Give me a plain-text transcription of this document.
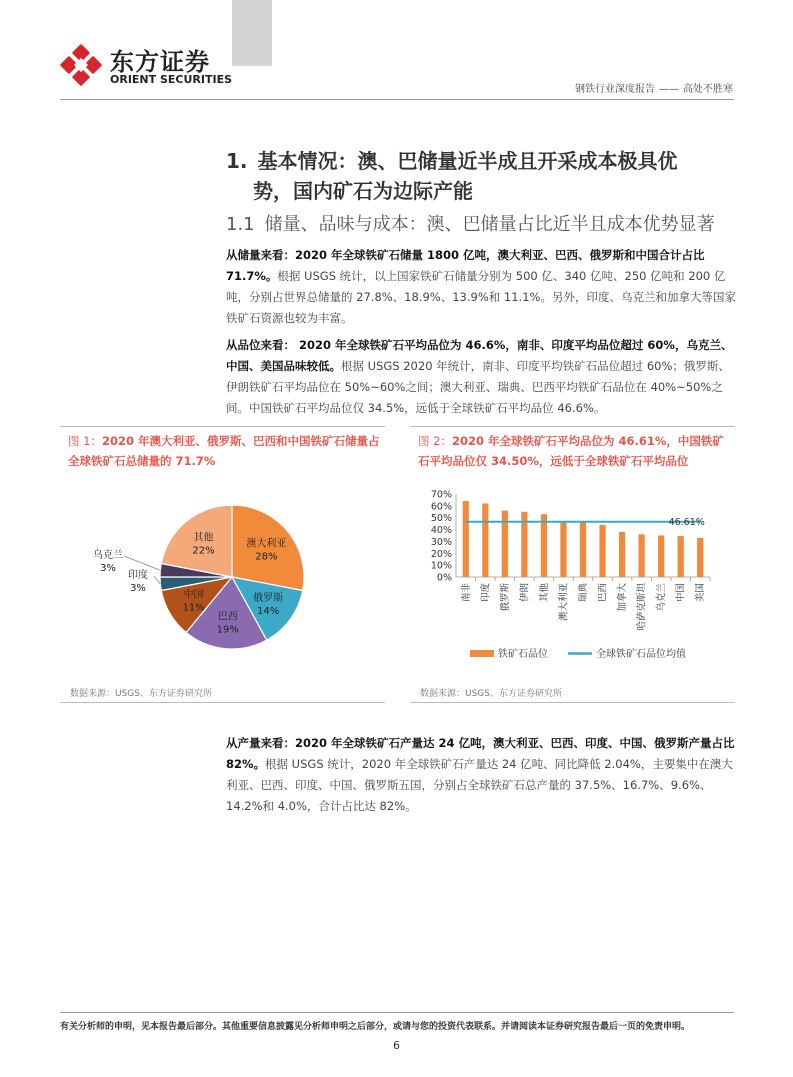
东方证券
ORIENT SECURITIES
钢铁行业深度报告 —— 高处不胜寒
1. 基本情况：澳、巴储量近半成且开采成本极具优
势，国内矿石为边际产能
1.1 储量、品味与成本：澳、巴储量占比近半且成本优势显著
从储量来看：2020 年全球铁矿石储量 1800 亿吨，澳大利亚、巴西、俄罗斯和中国合计占比 71.7%。根据 USGS 统计，以上国家铁矿石储量分别为 500 亿、340 亿吨、250 亿吨和 200 亿吨，分别占世界总储量的 27.8%、18.9%、13.9%和 11.1%。另外，印度、乌克兰和加拿大等国家铁矿石资源也较为丰富。
从品位来看： 2020 年全球铁矿石平均品位为 46.6%，南非、印度平均品位超过 60%，乌克兰、中国、美国品味较低。根据 USGS 2020 年统计，南非、印度平均铁矿石品位超过 60%；俄罗斯、伊朗铁矿石平均品位在 50%~60%之间；澳大利亚、瑞典、巴西平均铁矿石品位在 40%~50%之间。中国铁矿石平均品位仅 34.5%，远低于全球铁矿石平均品位 46.6%。
图 1：2020 年澳大利亚、俄罗斯、巴西和中国铁矿石储量占全球铁矿石总储量的 71.7%
澳大利亚
28%
俄罗斯
14%
巴西
19%
中国
11%
印度
3%
乌克兰
3%
其他
22%
数据来源：USGS、东方证券研究所
图 2：2020 年全球铁矿石平均品位为 46.61%，中国铁矿石平均品位仅 34.50%，远低于全球铁矿石平均品位
0%
10%
20%
30%
40%
50%
60%
70%
南非 印度 俄罗斯 伊朗 其他 澳大利亚 瑞典 巴西 加拿大 哈萨克斯坦 乌克兰 中国 美国
46.61%
铁矿石品位	全球铁矿石品位均值
数据来源：USGS、东方证券研究所
从产量来看：2020 年全球铁矿石产量达 24 亿吨，澳大利亚、巴西、印度、中国、俄罗斯产量占比 82%。根据 USGS 统计，2020 年全球铁矿石产量达 24 亿吨、同比降低 2.04%，主要集中在澳大利亚、巴西、印度、中国、俄罗斯五国，分别占全球铁矿石总产量的 37.5%、16.7%、9.6%、14.2%和 4.0%，合计占比达 82%。
有关分析师的申明，见本报告最后部分。其他重要信息披露见分析师申明之后部分，或请与您的投资代表联系。并请阅读本证券研究报告最后一页的免责申明。
6
